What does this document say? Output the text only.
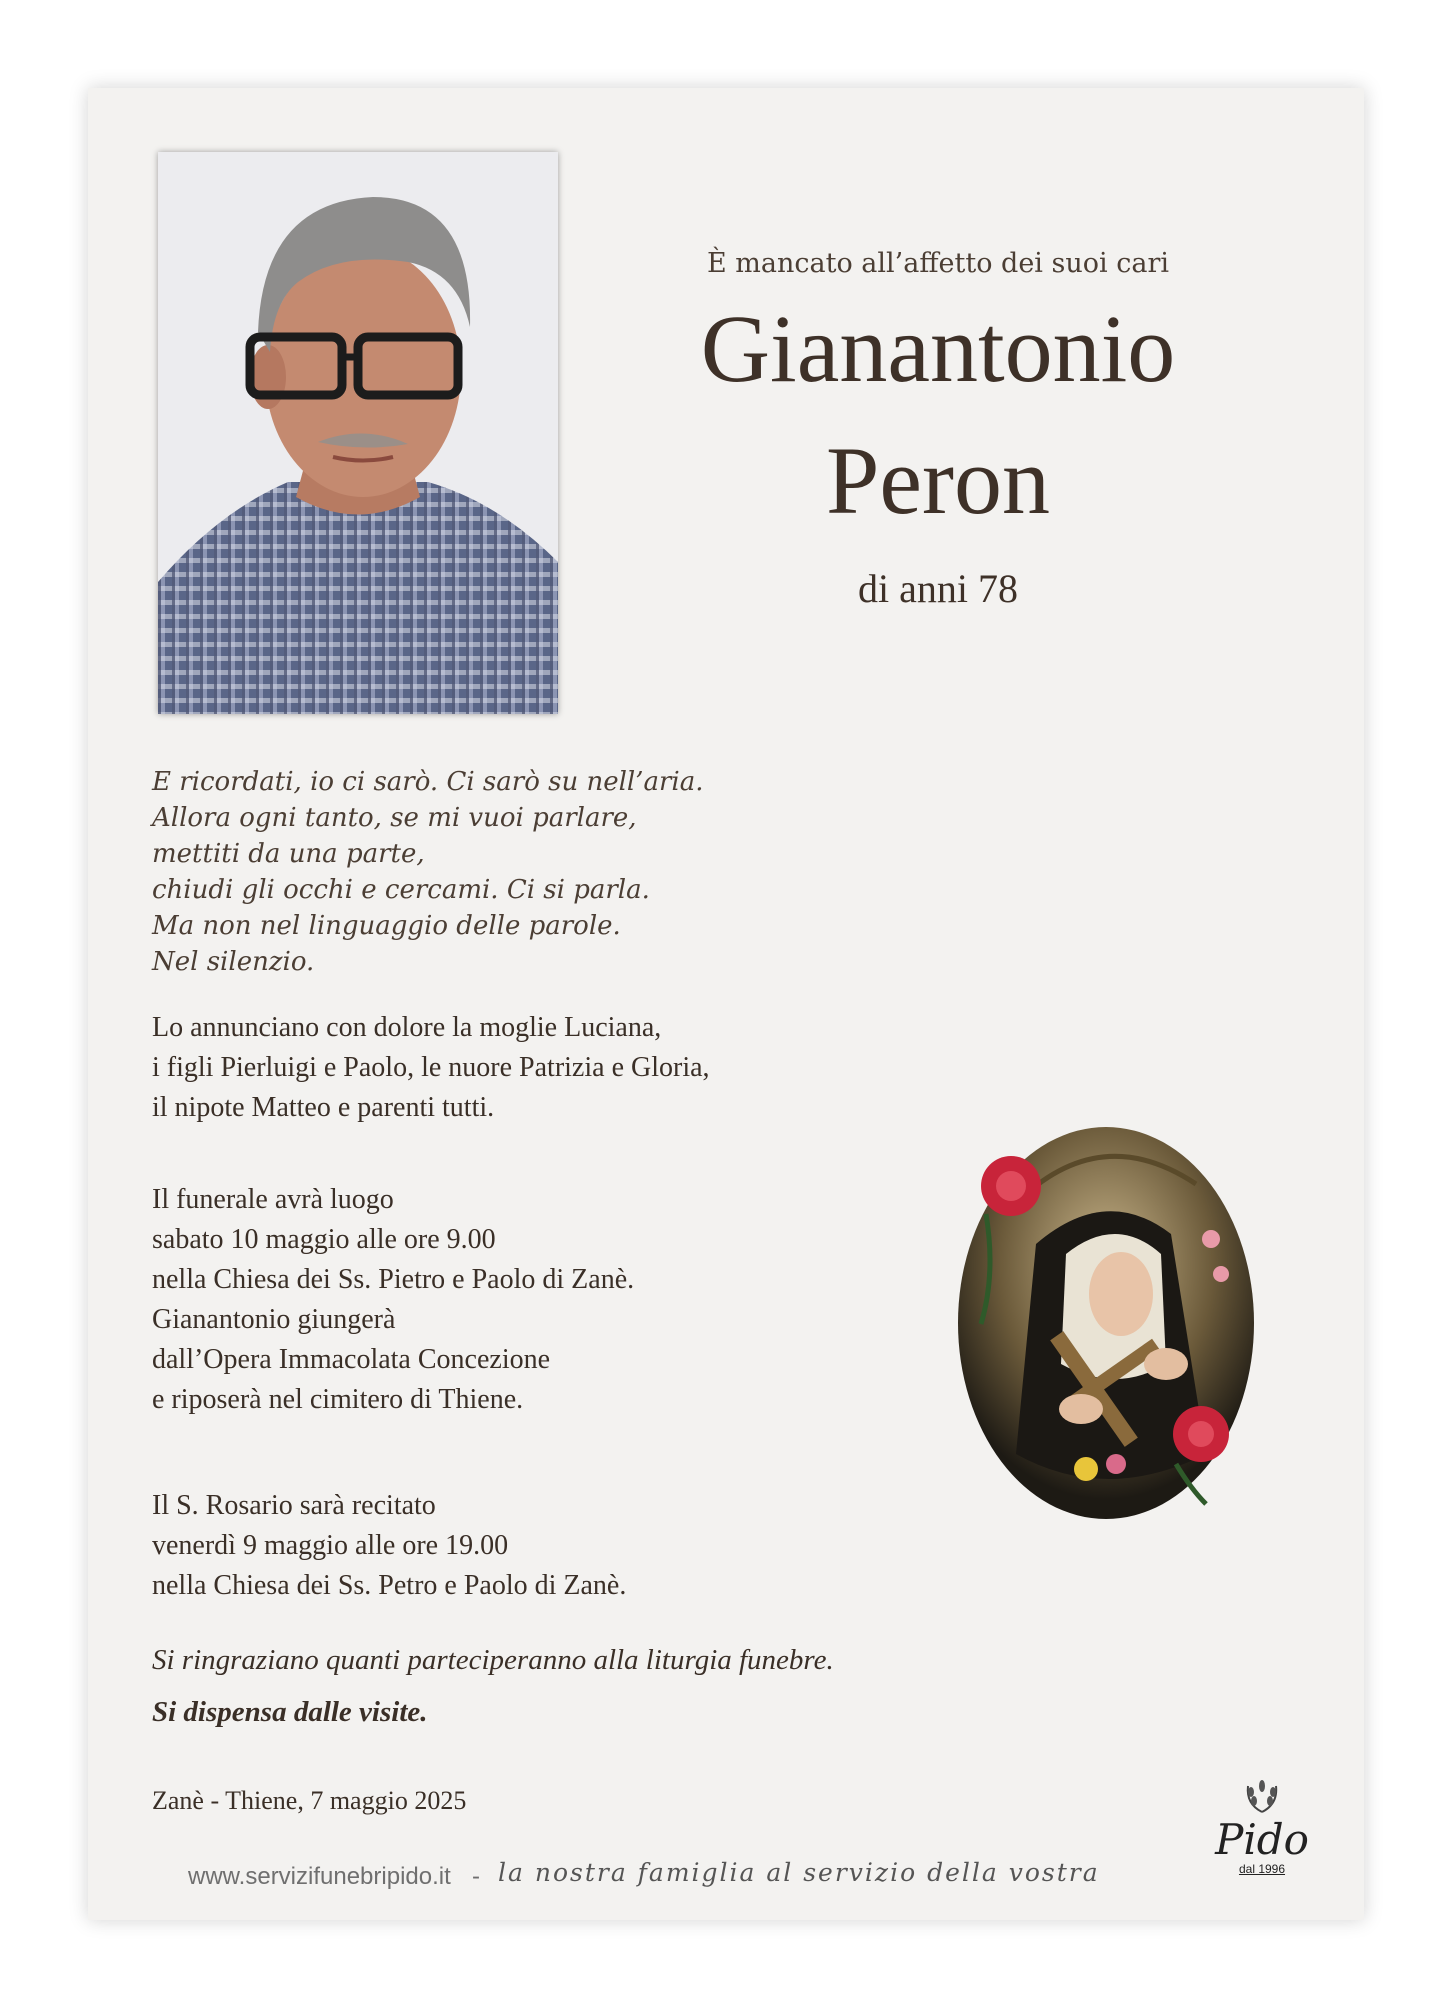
È mancato all’affetto dei suoi cari
Gianantonio
Peron
di anni 78
E ricordati, io ci sarò. Ci sarò su nell’aria.
Allora ogni tanto, se mi vuoi parlare,
mettiti da una parte,
chiudi gli occhi e cercami. Ci si parla.
Ma non nel linguaggio delle parole.
Nel silenzio.
Lo annunciano con dolore la moglie Luciana,
i figli Pierluigi e Paolo, le nuore Patrizia e Gloria,
il nipote Matteo e parenti tutti.
Il funerale avrà luogo
sabato 10 maggio alle ore 9.00
nella Chiesa dei Ss. Pietro e Paolo di Zanè.
Gianantonio giungerà
dall’Opera Immacolata Concezione
e riposerà nel cimitero di Thiene.
Il S. Rosario sarà recitato
venerdì 9 maggio alle ore 19.00
nella Chiesa dei Ss. Petro e Paolo di Zanè.
Si ringraziano quanti parteciperanno alla liturgia funebre.
Si dispensa dalle visite.
Zanè - Thiene, 7 maggio 2025
www.servizifunebripido.it - la nostra famiglia al servizio della vostra
Pido
dal 1996
